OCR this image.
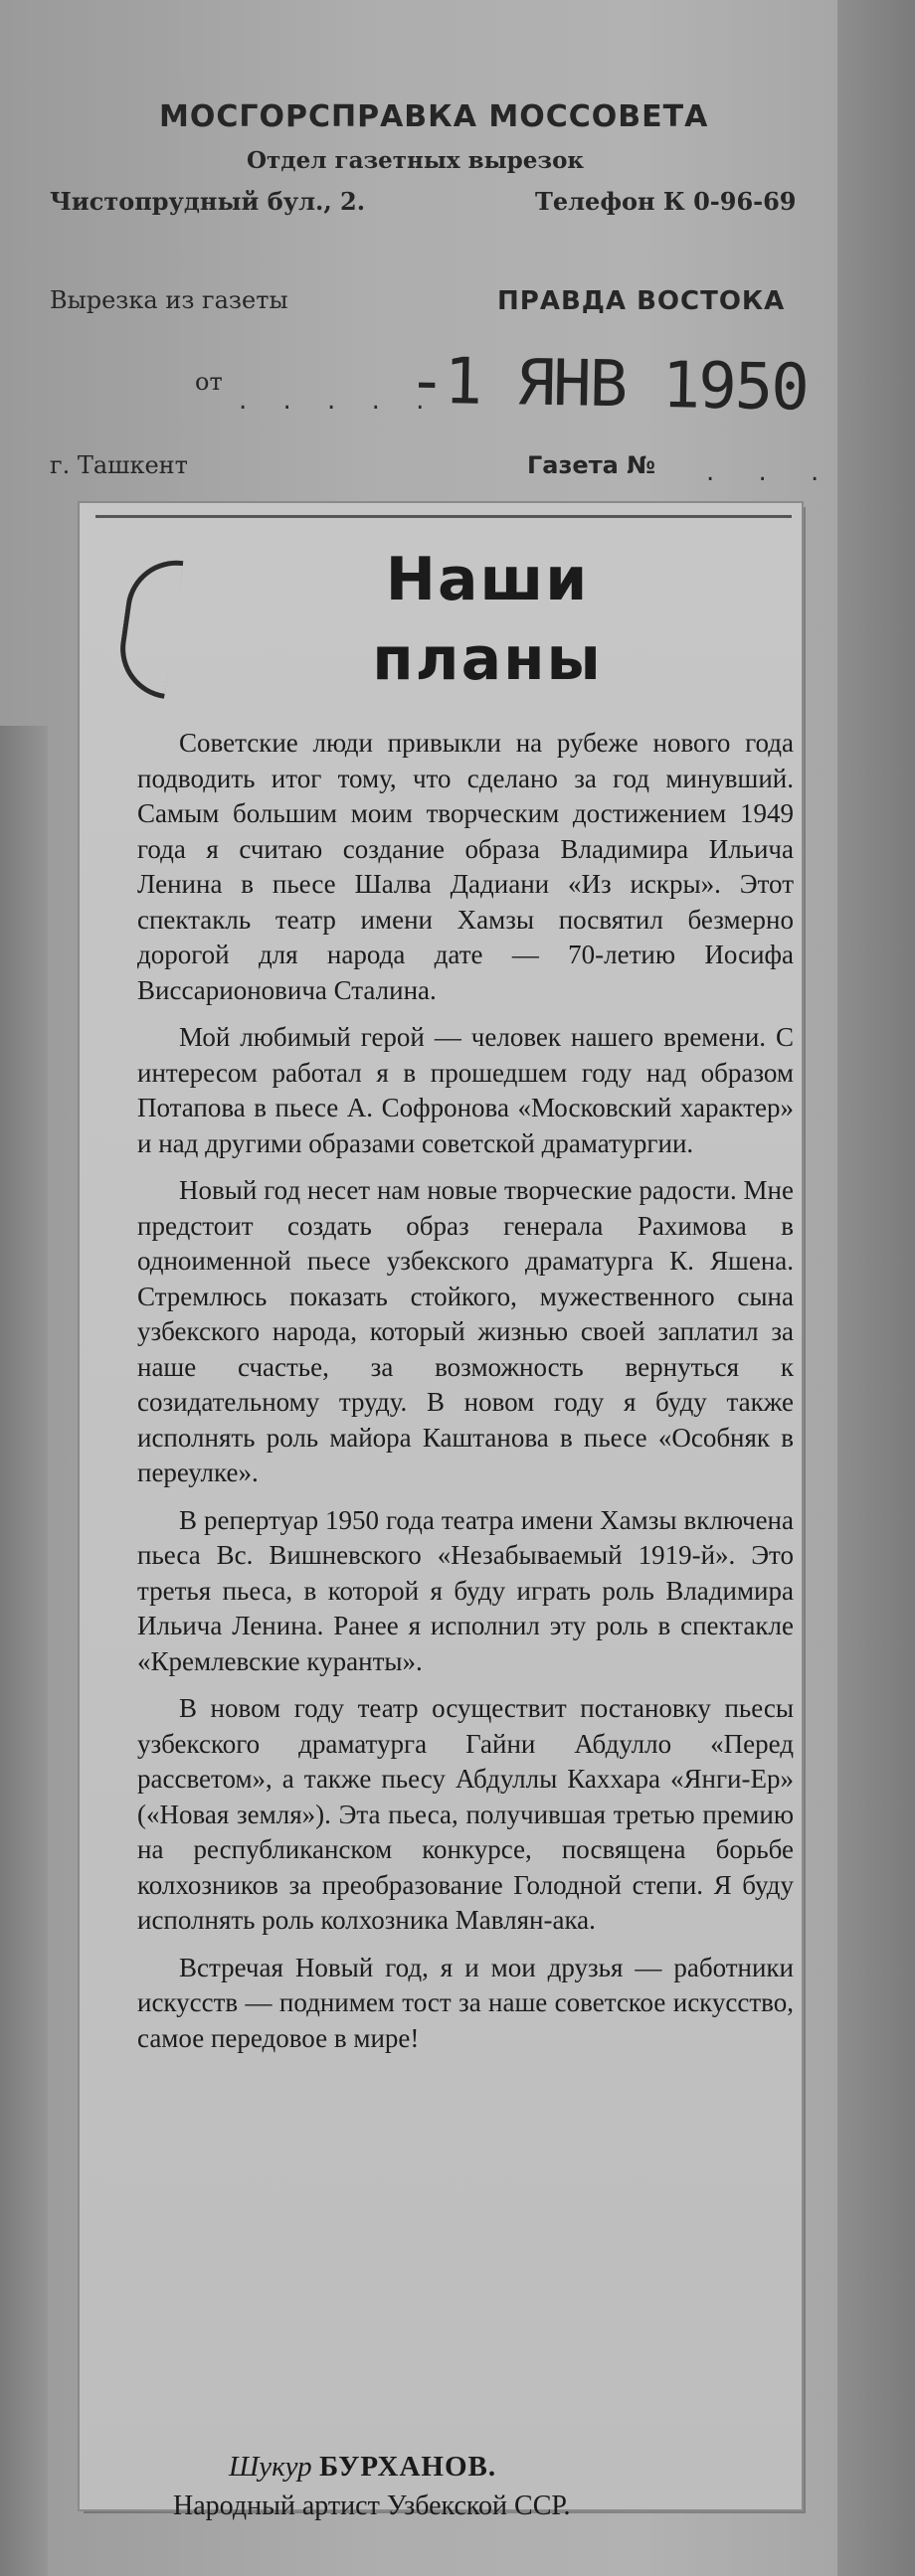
МОСГОРСПРАВКА МОССОВЕТА
Отдел газетных вырезок
Чистопрудный бул., 2.	Телефон К 0-96-69
Вырезка из газеты	ПРАВДА ВОСТОКА
от
. . . . .
-1 ЯНВ 1950
г. Ташкент	Газета № . . .
Наши
планы

Советские люди привыкли на рубеже нового года подводить итог тому, что сделано за год минувший. Самым большим моим творческим достижением 1949 года я считаю создание образа Владимира Ильича Ленина в пьесе Шалва Дадиани «Из искры». Этот спектакль театр имени Хамзы посвятил безмерно дорогой для народа дате — 70-летию Иосифа Виссарионовича Сталина.

Мой любимый герой — человек нашего времени. С интересом работал я в прошедшем году над образом Потапова в пьесе А. Софронова «Московский характер» и над другими образами советской драматургии.

Новый год несет нам новые творческие радости. Мне предстоит создать образ генерала Рахимова в одноименной пьесе узбекского драматурга К. Яшена. Стремлюсь показать стойкого, мужественного сына узбекского народа, который жизнью своей заплатил за наше счастье, за возможность вернуться к созидательному труду. В новом году я буду также исполнять роль майора Каштанова в пьесе «Особняк в переулке».

В репертуар 1950 года театра имени Хамзы включена пьеса Вс. Вишневского «Незабываемый 1919-й». Это третья пьеса, в которой я буду играть роль Владимира Ильича Ленина. Ранее я исполнил эту роль в спектакле «Кремлевские куранты».

В новом году театр осуществит постановку пьесы узбекского драматурга Гайни Абдулло «Перед рассветом», а также пьесу Абдуллы Каххара «Янги-Ер» («Новая земля»). Эта пьеса, получившая третью премию на республиканском конкурсе, посвящена борьбе колхозников за преобразование Голодной степи. Я буду исполнять роль колхозника Мавлян-ака.

Встречая Новый год, я и мои друзья — работники искусств — поднимем тост за наше советское искусство, самое передовое в мире!

Шукур БУРХАНОВ.
Народный артист Узбекской ССР.
